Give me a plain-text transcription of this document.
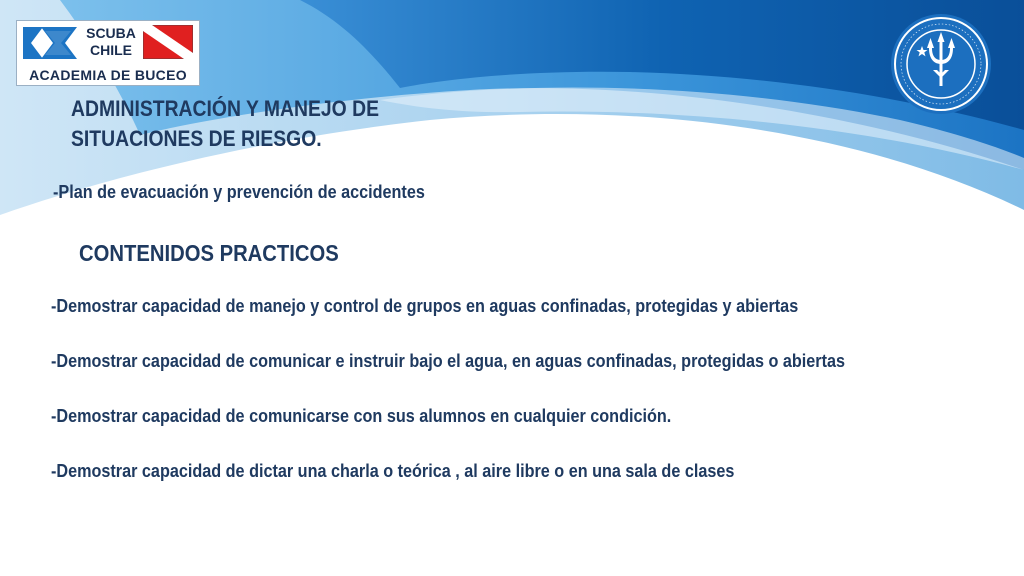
SCUBA
CHILE
ACADEMIA DE BUCEO
ADMINISTRACIÓN Y MANEJO DE
SITUACIONES DE RIESGO.
-Plan de evacuación y prevención de accidentes
CONTENIDOS PRACTICOS
-Demostrar capacidad de manejo y control de grupos en aguas confinadas, protegidas y abiertas
-Demostrar capacidad de comunicar e instruir bajo el agua, en aguas confinadas, protegidas o abiertas
-Demostrar capacidad de comunicarse con sus alumnos en cualquier condición.
-Demostrar capacidad de dictar una charla o teórica , al aire libre o en una sala de clases
